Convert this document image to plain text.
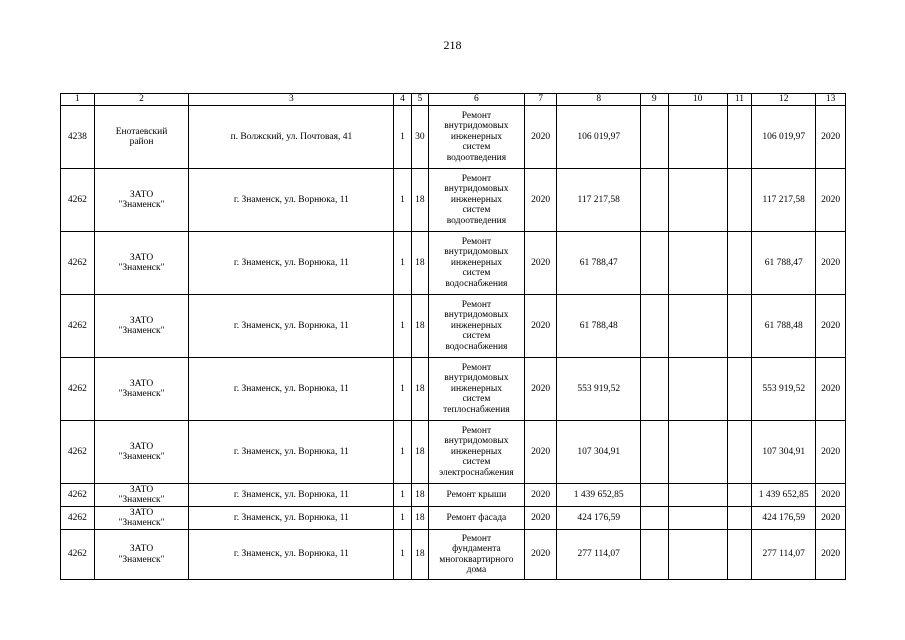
218
1	2	3	4	5	6	7	8	9	10	11	12	13
4238	Енотаевский
район	п. Волжский, ул. Почтовая, 41	1	30	Ремонт
внутридомовых
инженерных
систем
водоотведения	2020	106 019,97				106 019,97	2020
4262	ЗАТО
"Знаменск"	г. Знаменск, ул. Ворнюка, 11	1	18	Ремонт
внутридомовых
инженерных
систем
водоотведения	2020	117 217,58				117 217,58	2020
4262	ЗАТО
"Знаменск"	г. Знаменск, ул. Ворнюка, 11	1	18	Ремонт
внутридомовых
инженерных
систем
водоснабжения	2020	61 788,47				61 788,47	2020
4262	ЗАТО
"Знаменск"	г. Знаменск, ул. Ворнюка, 11	1	18	Ремонт
внутридомовых
инженерных
систем
водоснабжения	2020	61 788,48				61 788,48	2020
4262	ЗАТО
"Знаменск"	г. Знаменск, ул. Ворнюка, 11	1	18	Ремонт
внутридомовых
инженерных
систем
теплоснабжения	2020	553 919,52				553 919,52	2020
4262	ЗАТО
"Знаменск"	г. Знаменск, ул. Ворнюка, 11	1	18	Ремонт
внутридомовых
инженерных
систем
электроснабжения	2020	107 304,91				107 304,91	2020
4262	ЗАТО
"Знаменск"	г. Знаменск, ул. Ворнюка, 11	1	18	Ремонт крыши	2020	1 439 652,85				1 439 652,85	2020
4262	ЗАТО
"Знаменск"	г. Знаменск, ул. Ворнюка, 11	1	18	Ремонт фасада	2020	424 176,59				424 176,59	2020
4262	ЗАТО
"Знаменск"	г. Знаменск, ул. Ворнюка, 11	1	18	Ремонт
фундамента
многоквартирного
дома	2020	277 114,07				277 114,07	2020
